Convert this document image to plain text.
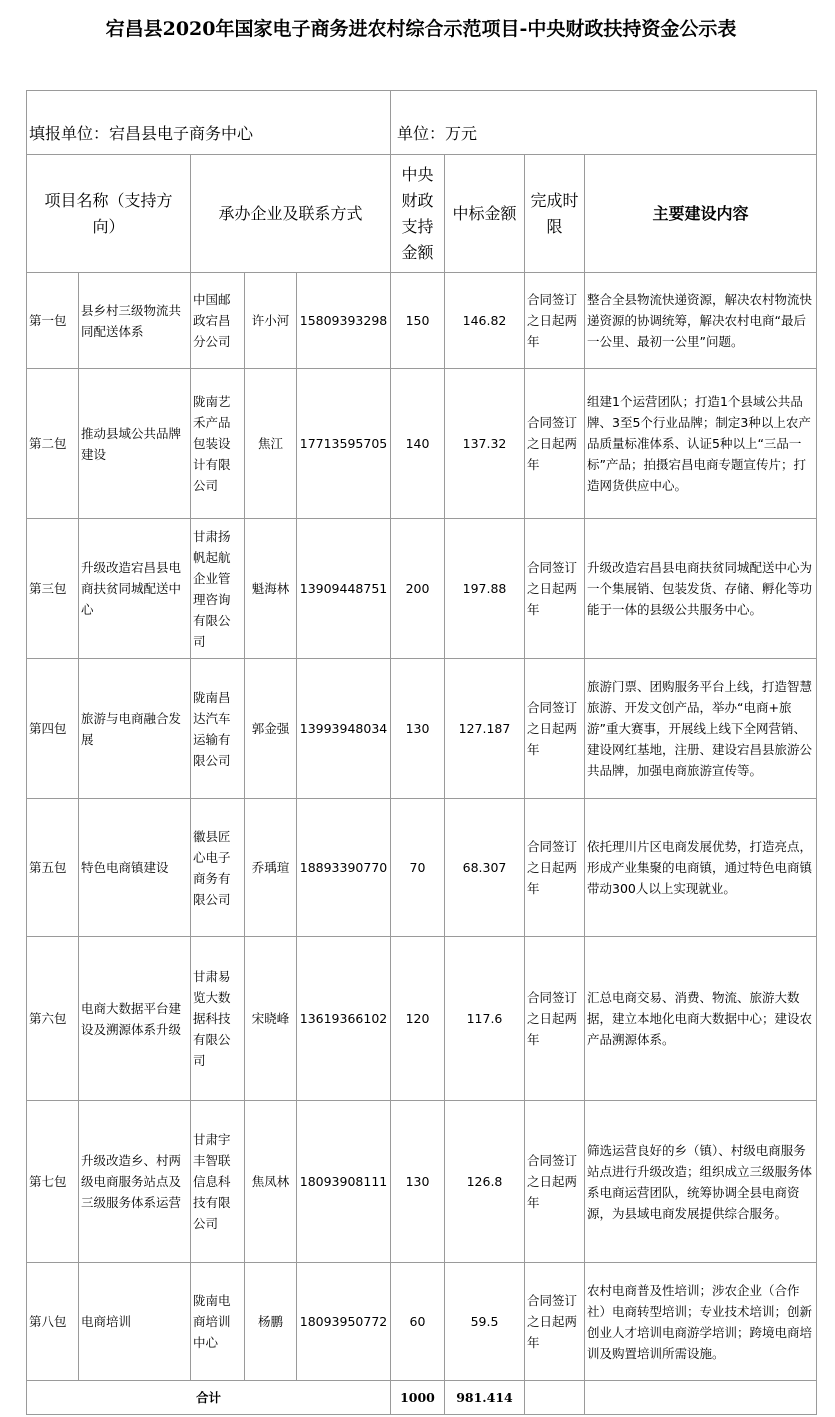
宕昌县2020年国家电子商务进农村综合示范项目-中央财政扶持资金公示表
填报单位：宕昌县电子商务中心					单位：万元			

项目名称（支持方向）		承办企业及联系方式			中央财政支持金额	中标金额	完成时限	主要建设内容
第一包	县乡村三级物流共同配送体系	中国邮政宕昌分公司	许小河	15809393298	150	146.82	合同签订之日起两年	整合全县物流快递资源，解决农村物流快递资源的协调统筹，解决农村电商“最后一公里、最初一公里”问题。
第二包	推动县域公共品牌建设	陇南艺禾产品包装设计有限公司	焦江	17713595705	140	137.32	合同签订之日起两年	组建1个运营团队；打造1个县域公共品牌、3至5个行业品牌；制定3种以上农产品质量标准体系、认证5种以上“三品一标”产品；拍摄宕昌电商专题宣传片；打造网货供应中心。
第三包	升级改造宕昌县电商扶贫同城配送中心	甘肃扬帆起航企业管理咨询有限公司	魁海林	13909448751	200	197.88	合同签订之日起两年	升级改造宕昌县电商扶贫同城配送中心为一个集展销、包装发货、存储、孵化等功能于一体的县级公共服务中心。
第四包	旅游与电商融合发展	陇南昌达汽车运输有限公司	郭金强	13993948034	130	127.187	合同签订之日起两年	旅游门票、团购服务平台上线，打造智慧旅游、开发文创产品，举办“电商+旅游”重大赛事，开展线上线下全网营销、建设网红基地，注册、建设宕昌县旅游公共品牌，加强电商旅游宣传等。
第五包	特色电商镇建设	徽县匠心电子商务有限公司	乔瑀瑄	18893390770	70	68.307	合同签订之日起两年	依托理川片区电商发展优势，打造亮点，形成产业集聚的电商镇，通过特色电商镇带动300人以上实现就业。
第六包	电商大数据平台建设及溯源体系升级	甘肃易览大数据科技有限公司	宋晓峰	13619366102	120	117.6	合同签订之日起两年	汇总电商交易、消费、物流、旅游大数据，建立本地化电商大数据中心；建设农产品溯源体系。
第七包	升级改造乡、村两级电商服务站点及三级服务体系运营	甘肃宇丰智联信息科技有限公司	焦凤林	18093908111	130	126.8	合同签订之日起两年	筛选运营良好的乡（镇）、村级电商服务站点进行升级改造；组织成立三级服务体系电商运营团队，统筹协调全县电商资源，为县域电商发展提供综合服务。
第八包	电商培训	陇南电商培训中心	杨鹏	18093950772	60	59.5	合同签订之日起两年	农村电商普及性培训；涉农企业（合作社）电商转型培训；专业技术培训；创新创业人才培训电商游学培训；跨境电商培训及购置培训所需设施。
合计					1000	981.414		
